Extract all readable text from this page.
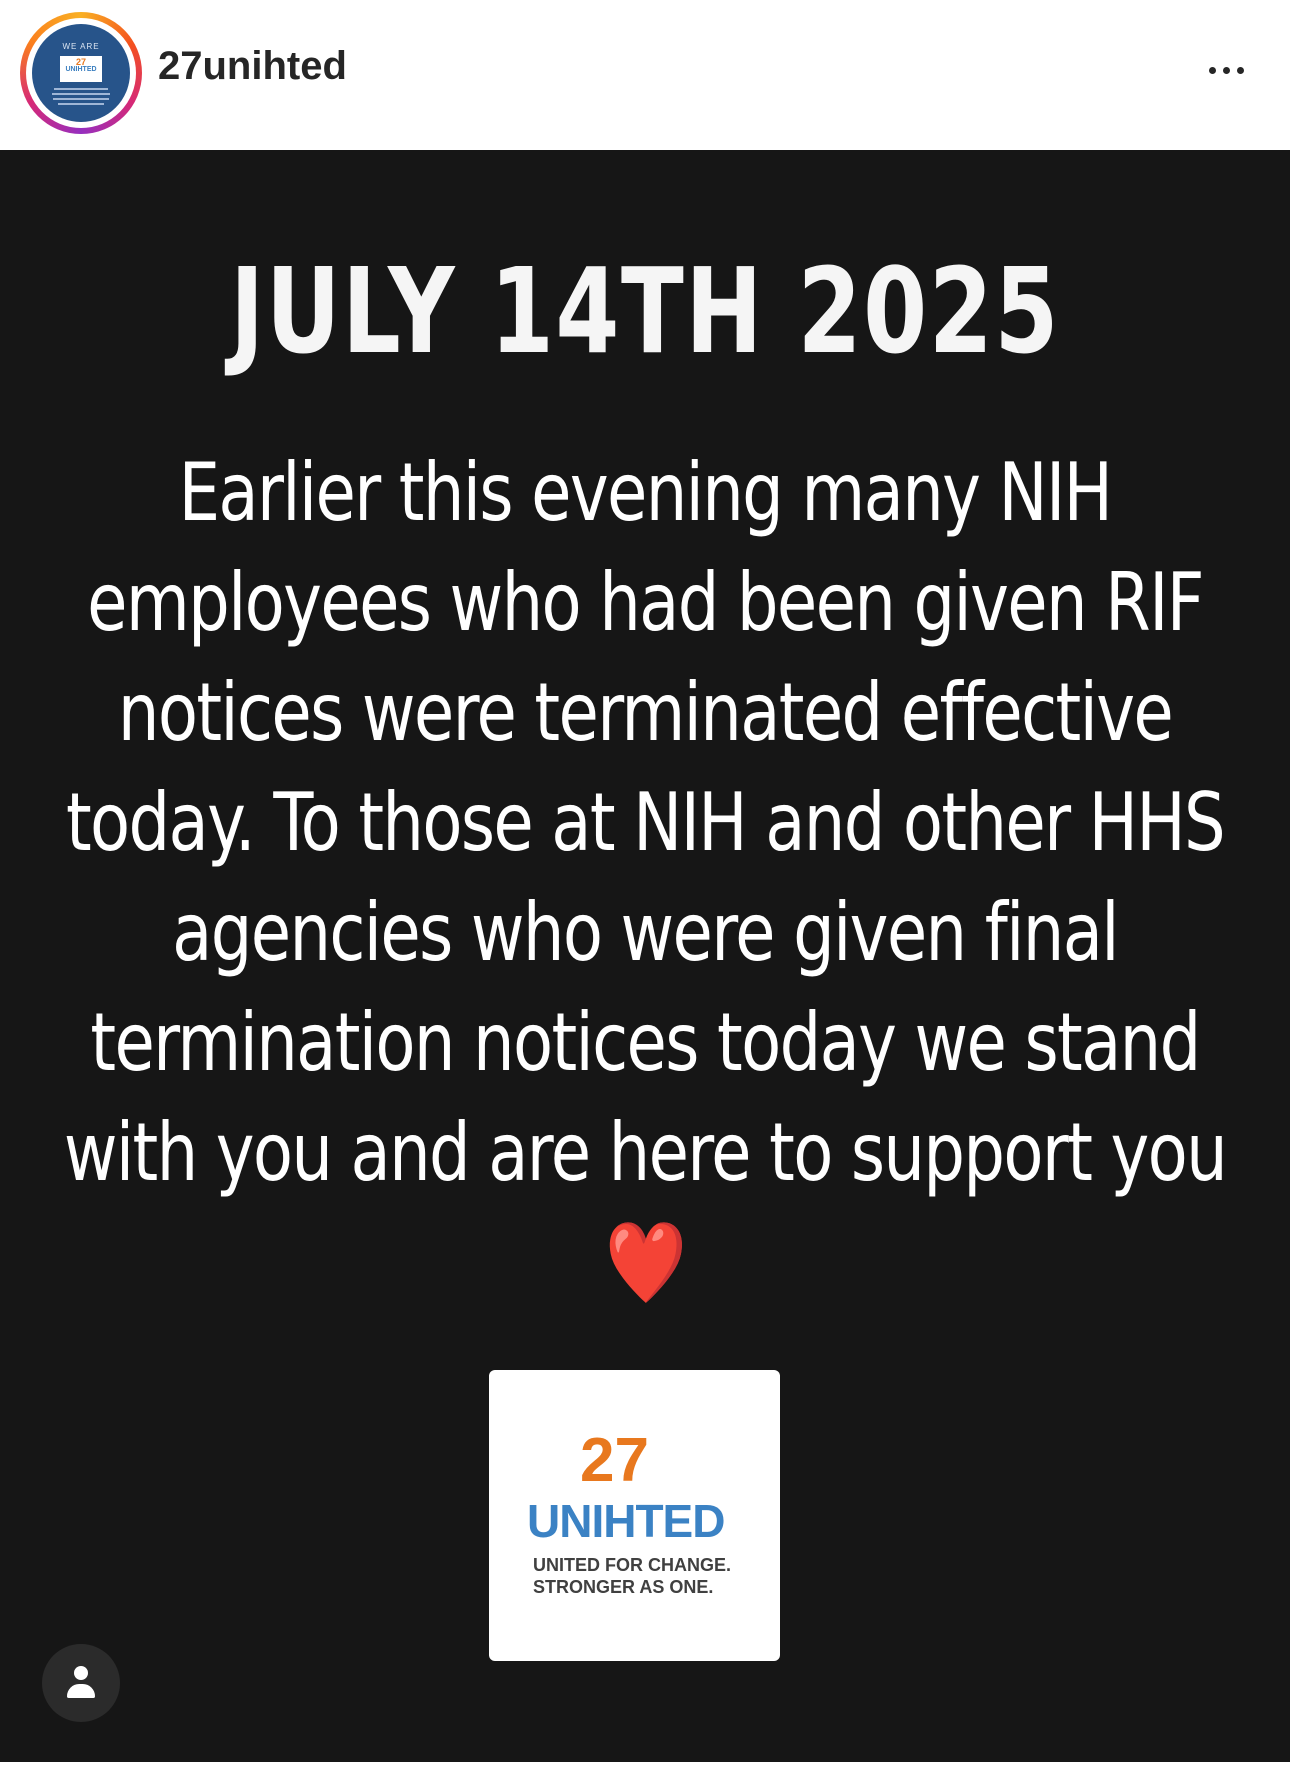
WE ARE
27
UNIHTED 27unihted
JULY 14TH 2025
Earlier this evening many NIH employees who had been given RIF notices were terminated effective today. To those at NIH and other HHS agencies who were given final termination notices today we stand with you and are here to support you❤️
27
UNIHTED
UNITED FOR CHANGE.
STRONGER AS ONE.
